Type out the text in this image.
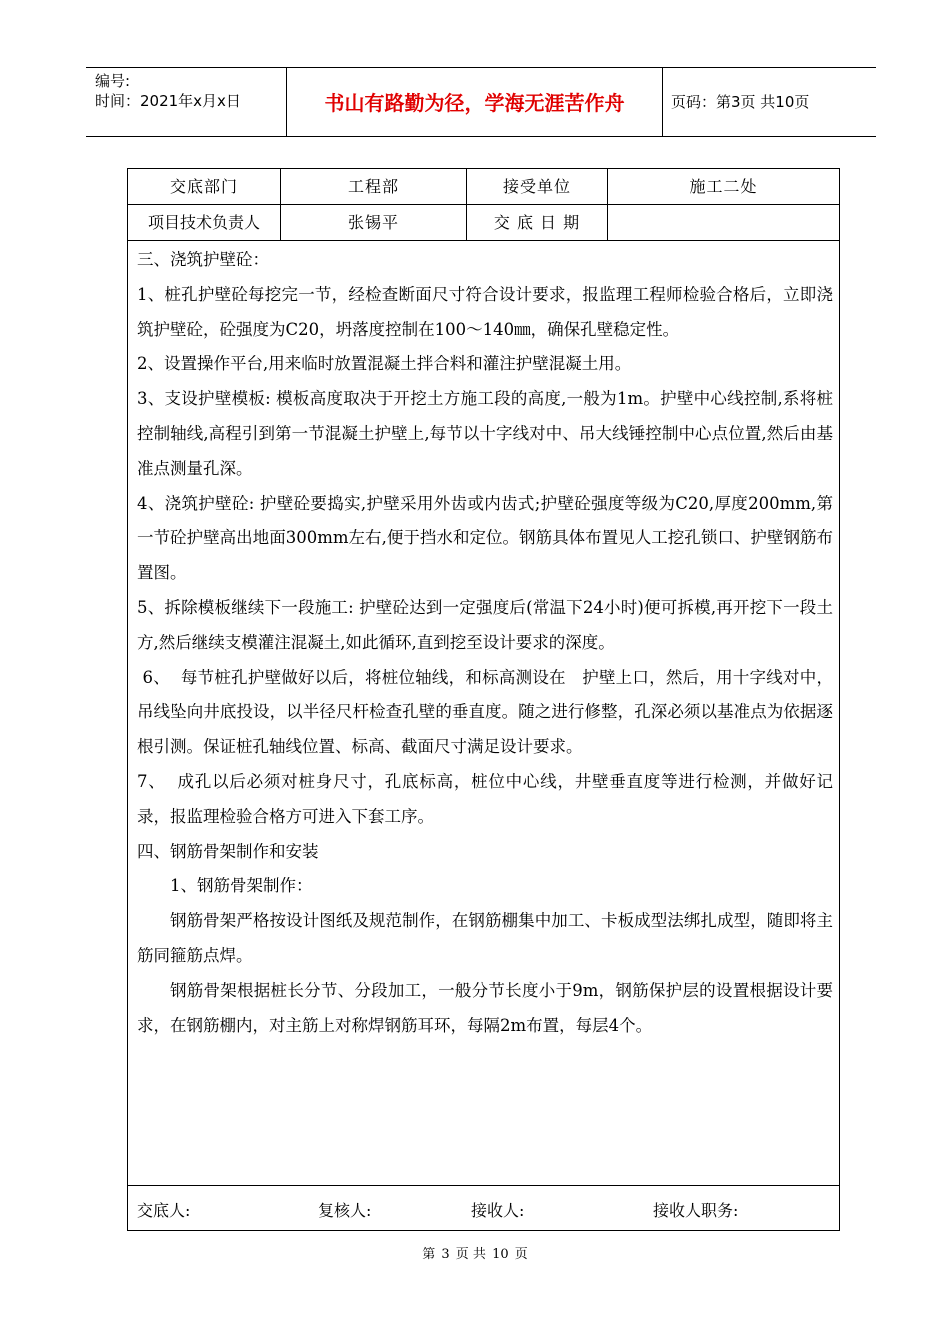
编号:
时间：2021年x月x日	书山有路勤为径，学海无涯苦作舟	页码：第3页 共10页
交底部门	工程部	接受单位	施工二处
项目技术负责人	张锡平	交 底 日 期

三、浇筑护壁砼：

1、桩孔护壁砼每挖完一节，经检查断面尺寸符合设计要求，报监理工程师检验合格后，立即浇筑护壁砼，砼强度为C20，坍落度控制在100～140㎜，确保孔壁稳定性。

2、设置操作平台,用来临时放置混凝土拌合料和灌注护壁混凝土用。

3、支设护壁模板: 模板高度取决于开挖土方施工段的高度,一般为1m。护壁中心线控制,系将桩控制轴线,高程引到第一节混凝土护壁上,每节以十字线对中、吊大线锤控制中心点位置,然后由基准点测量孔深。

4、浇筑护壁砼: 护壁砼要捣实,护壁采用外齿或内齿式;护壁砼强度等级为C20,厚度200mm,第一节砼护壁高出地面300mm左右,便于挡水和定位。钢筋具体布置见人工挖孔锁口、护壁钢筋布置图。

5、拆除模板继续下一段施工: 护壁砼达到一定强度后(常温下24小时)便可拆模,再开挖下一段土方,然后继续支模灌注混凝土,如此循环,直到挖至设计要求的深度。

6、  每节桩孔护壁做好以后，将桩位轴线，和标高测设在   护壁上口，然后，用十字线对中，吊线坠向井底投设，以半径尺杆检查孔壁的垂直度。随之进行修整，孔深必须以基准点为依据逐根引测。保证桩孔轴线位置、标高、截面尺寸满足设计要求。

7、  成孔以后必须对桩身尺寸，孔底标高，桩位中心线，井壁垂直度等进行检测，并做好记录，报监理检验合格方可进入下套工序。

四、钢筋骨架制作和安装

1、钢筋骨架制作：

钢筋骨架严格按设计图纸及规范制作，在钢筋棚集中加工、卡板成型法绑扎成型，随即将主筋同箍筋点焊。

钢筋骨架根据桩长分节、分段加工，一般分节长度小于9m，钢筋保护层的设置根据设计要求，在钢筋棚内，对主筋上对称焊钢筋耳环，每隔2m布置，每层4个。

交底人:	复核人:	接收人:	接收人职务:
第 3 页 共 10 页
